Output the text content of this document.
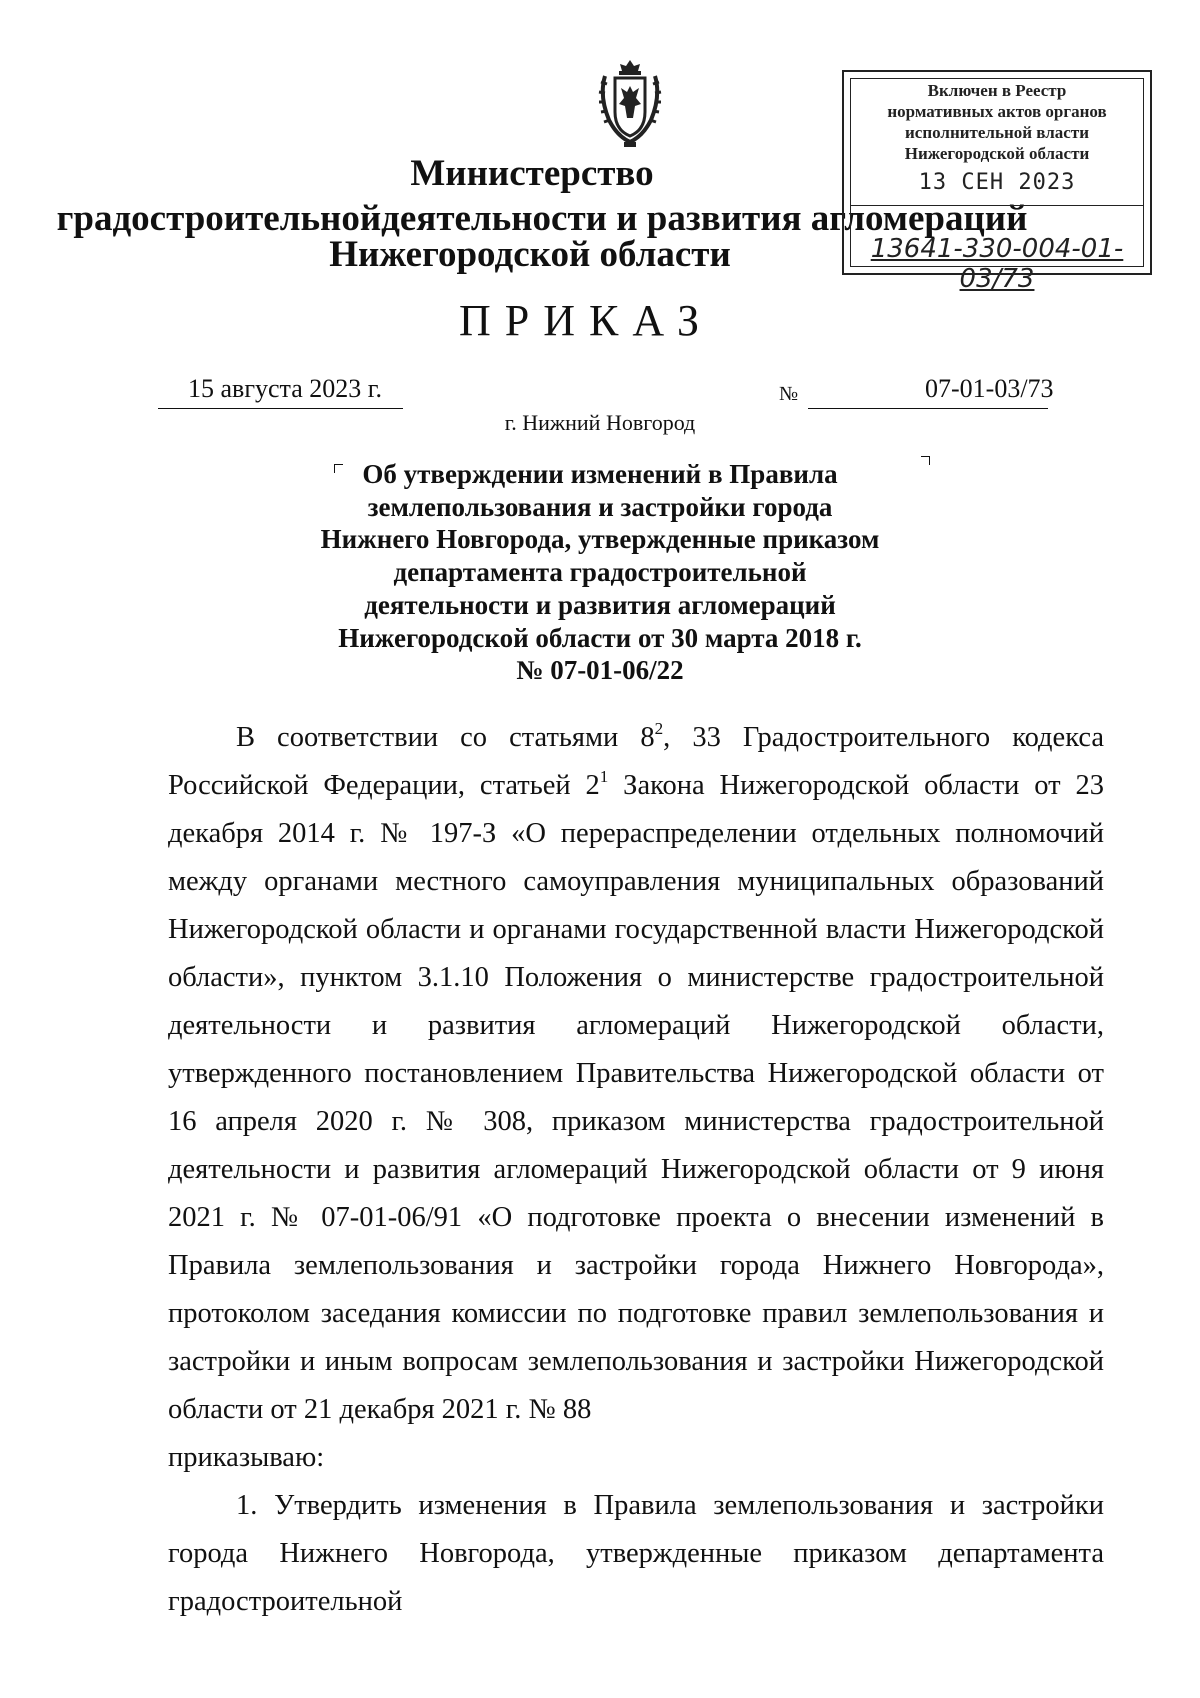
Министерство
градостроительнойдеятельности и развития агломераций
Нижегородской области
Включен в Реестр
нормативных актов органов
исполнительной власти
Нижегородской области
13 СЕН 2023
13641-330-004-01-03/73
ПРИКАЗ
15 августа 2023 г.	№	07-01-03/73
г. Нижний Новгород
Об утверждении изменений в Правила
землепользования и застройки города
Нижнего Новгорода, утвержденные приказом
департамента градостроительной
деятельности и развития агломераций
Нижегородской области от 30 марта 2018 г.
№ 07-01-06/22

В соответствии со статьями $8^2$, 33 Градостроительного кодекса Российской Федерации, статьей $2^1$ Закона Нижегородской области от 23 декабря 2014 г. № 197-З «О перераспределении отдельных полномочий между органами местного самоуправления муниципальных образований Нижегородской области и органами государственной власти Нижегородской области», пунктом 3.1.10 Положения о министерстве градостроительной деятельности и развития агломераций Нижегородской области, утвержденного постановлением Правительства Нижегородской области от 16 апреля 2020 г. № 308, приказом министерства градостроительной деятельности и развития агломераций Нижегородской области от 9 июня 2021 г. № 07-01-06/91 «О подготовке проекта о внесении изменений в Правила землепользования и застройки города Нижнего Новгорода», протоколом заседания комиссии по подготовке правил землепользования и застройки и иным вопросам землепользования и застройки Нижегородской области от 21 декабря 2021 г. № 88

приказываю:

1. Утвердить изменения в Правила землепользования и застройки города Нижнего Новгорода, утвержденные приказом департамента градостроительной
